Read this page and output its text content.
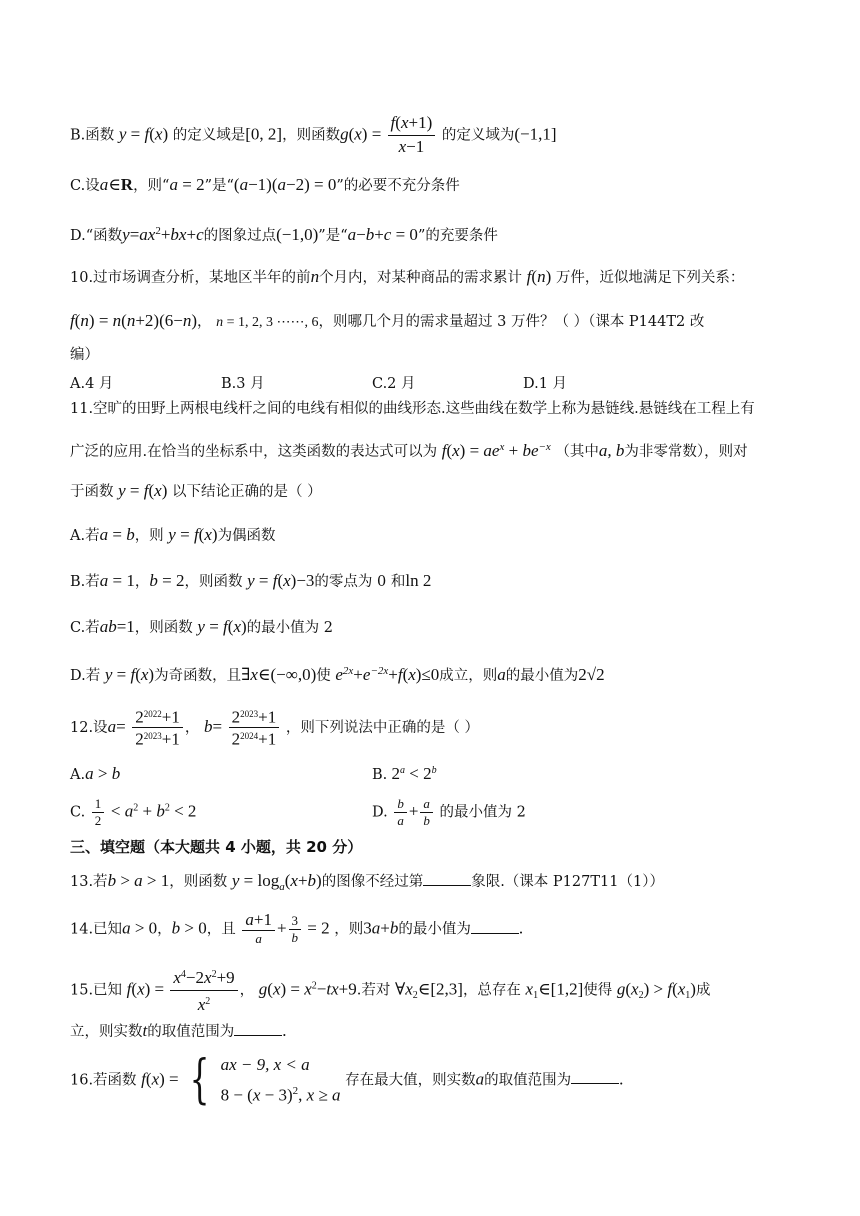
B.函数 y = f(x) 的定义域是[0, 2]，则函数$g(x) = \frac{f(x+1)}{x-1}$ 的定义域为(−1,1]
C.设a∈R，则“a = 2”是“(a−1)(a−2) = 0”的必要不充分条件
D.“函数$y=ax^2+bx+c$的图象过点(−1,0)”是“a−b+c = 0”的充要条件
10.过市场调查分析，某地区半年的前n个月内，对某种商品的需求累计 f(n) 万件，近似地满足下列关系：
f(n) = n(n+2)(6−n)， n = 1, 2, 3 ⋯⋯, 6，则哪几个月的需求量超过 3 万件？（ ）（课本 P144T2 改
编）
A.4 月	B.3 月	C.2 月	D.1 月
11.空旷的田野上两根电线杆之间的电线有相似的曲线形态.这些曲线在数学上称为悬链线.悬链线在工程上有
广泛的应用.在恰当的坐标系中，这类函数的表达式可以为 $f(x) = ae^x + be^{-x}$ （其中a, b为非零常数），则对
于函数 y = f(x) 以下结论正确的是（ ）
A.若a = b，则 y = f(x)为偶函数
B.若a = 1，b = 2，则函数 y = f(x)−3的零点为 0 和ln 2
C.若ab=1，则函数 y = f(x)的最小值为 2
D.若 y = f(x)为奇函数，且∃x∈(−∞,0)使 $e^{2x}+e^{-2x}+f(x)\le 0$成立，则a的最小值为2√2
12.设$a= \frac{2^{2022}+1}{2^{2023}+1}$ ， $b= \frac{2^{2023}+1}{2^{2024}+1}$ ，则下列说法中正确的是（ ）
A.a > b	B. $2^a < 2^b$
C. $\frac{1}{2} < a^2 + b^2 < 2$	D. $\frac{b}{a} + \frac{a}{b}$ 的最小值为 2
三、填空题（本大题共 4 小题，共 20 分）
13.若b > a > 1，则函数 $y = \log_a(x+b)$的图像不经过第	象限.（课本 P127T11（1））
14.已知a > 0，b > 0，且 $\frac{a+1}{a} + \frac{3}{b} = 2$ ，则3a+b的最小值为	.
15.已知 $f(x) = \frac{x^4-2x^2+9}{x^2}$ ， $g(x) = x^2-tx+9$.若对 $\forall x_2\in[2,3]$，总存在 $x_1\in[1,2]$使得 $g(x_2) > f(x_1)$成
立，则实数t的取值范围为	.
16.若函数 f(x) = { ax − 9, x < a
$8 - (x - 3)^2$, x ≥ a
存在最大值，则实数a的取值范围为	.
